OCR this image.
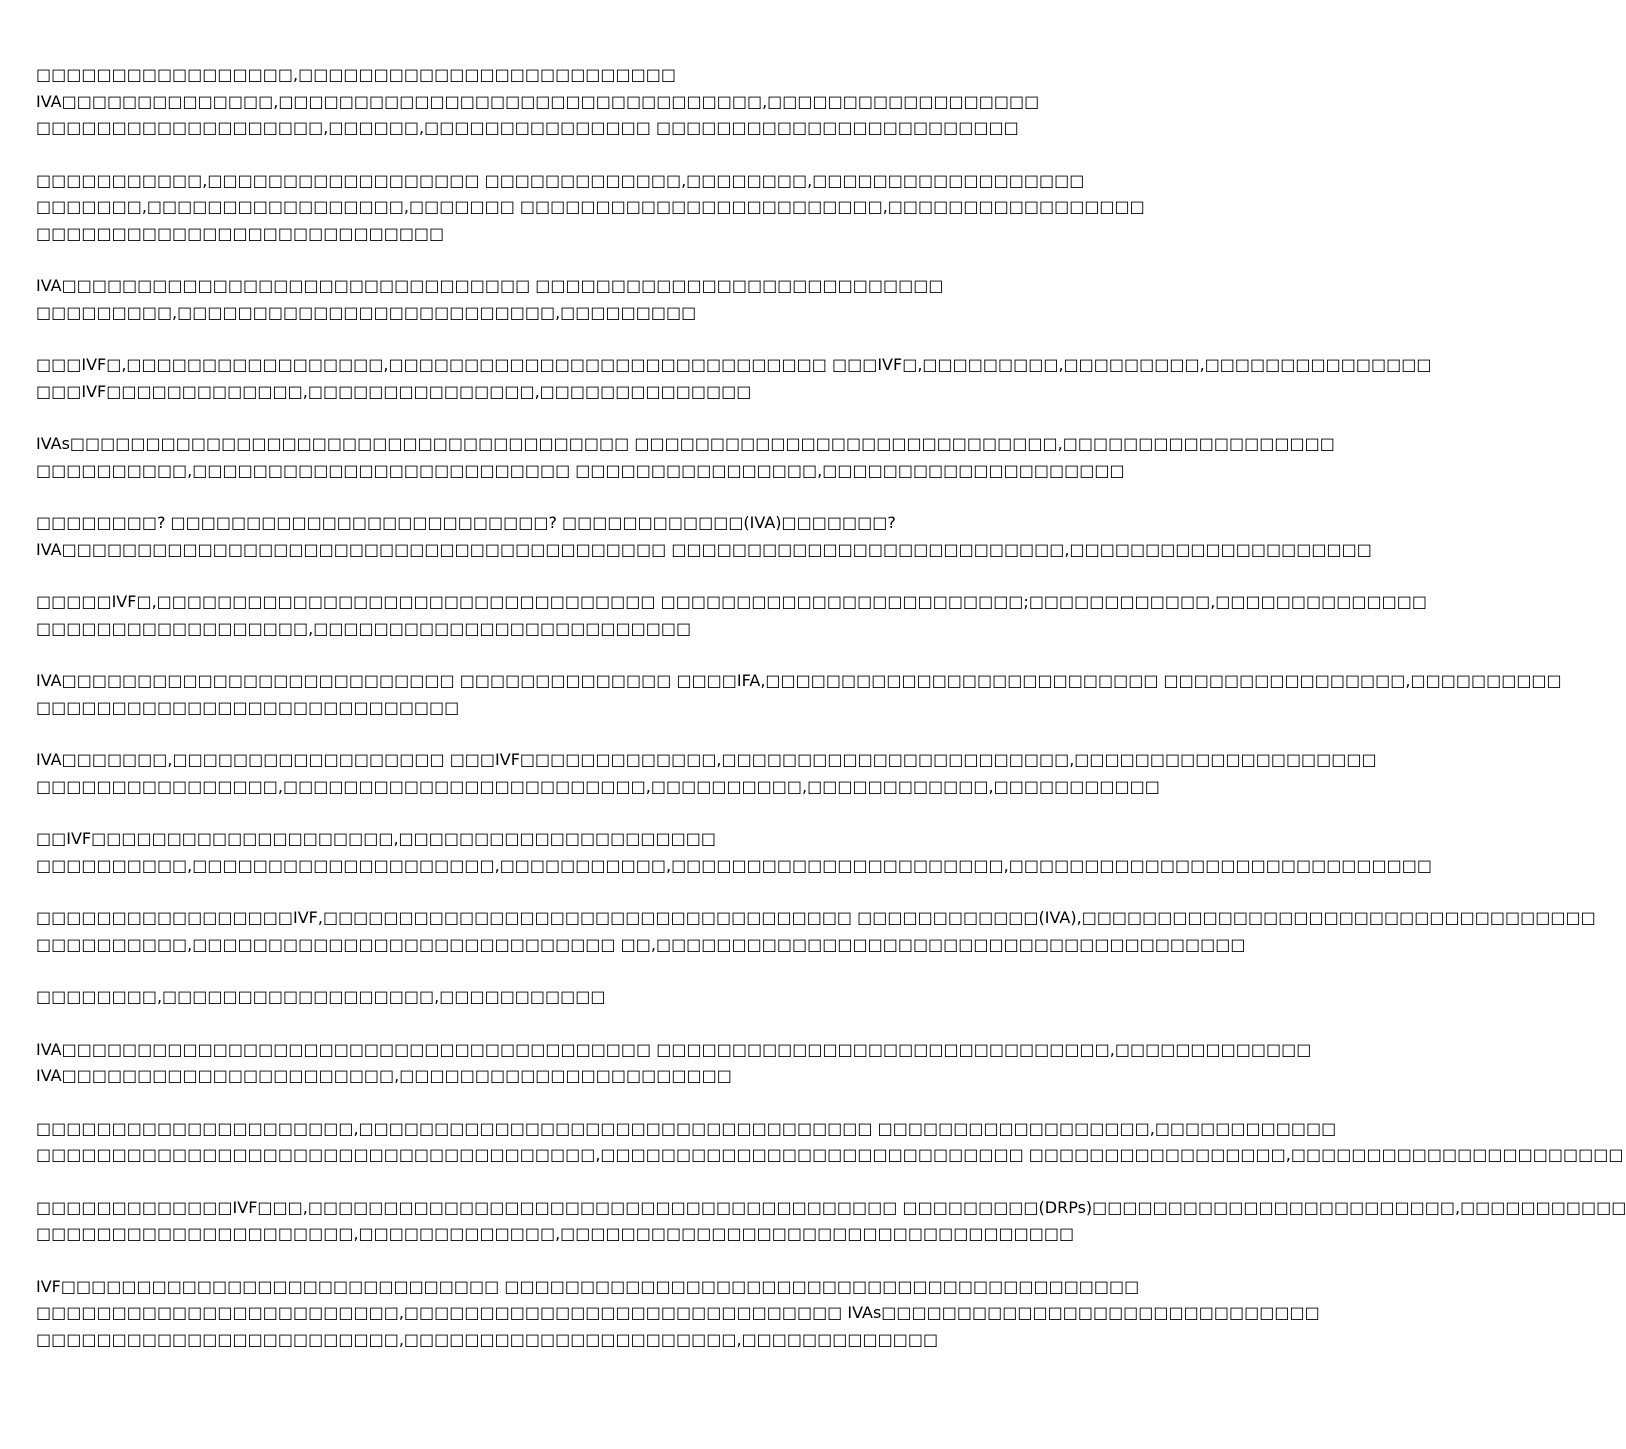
□□□□□□□□□□□□□□□□□,□□□□□□□□□□□□□□□□□□□□□□□□□
IVA□□□□□□□□□□□□□□,□□□□□□□□□□□□□□□□□□□□□□□□□□□□□□□□,□□□□□□□□□□□□□□□□□□
□□□□□□□□□□□□□□□□□□□,□□□□□□,□□□□□□□□□□□□□□□ □□□□□□□□□□□□□□□□□□□□□□□□
□□□□□□□□□□□,□□□□□□□□□□□□□□□□□□ □□□□□□□□□□□□□,□□□□□□□□,□□□□□□□□□□□□□□□□□□
□□□□□□□,□□□□□□□□□□□□□□□□□,□□□□□□□ □□□□□□□□□□□□□□□□□□□□□□□□,□□□□□□□□□□□□□□□□□
□□□□□□□□□□□□□□□□□□□□□□□□□□□
IVA□□□□□□□□□□□□□□□□□□□□□□□□□□□□□□□ □□□□□□□□□□□□□□□□□□□□□□□□□□□
□□□□□□□□□,□□□□□□□□□□□□□□□□□□□□□□□□□,□□□□□□□□□
□□□IVF□,□□□□□□□□□□□□□□□□□,□□□□□□□□□□□□□□□□□□□□□□□□□□□□□ □□□IVF□,□□□□□□□□□,□□□□□□□□□,□□□□□□□□□□□□□□□
□□□IVF□□□□□□□□□□□□□,□□□□□□□□□□□□□□□,□□□□□□□□□□□□□□
IVAs□□□□□□□□□□□□□□□□□□□□□□□□□□□□□□□□□□□□□ □□□□□□□□□□□□□□□□□□□□□□□□□□□□,□□□□□□□□□□□□□□□□□□
□□□□□□□□□□,□□□□□□□□□□□□□□□□□□□□□□□□□ □□□□□□□□□□□□□□□□,□□□□□□□□□□□□□□□□□□□□
□□□□□□□□? □□□□□□□□□□□□□□□□□□□□□□□□□? □□□□□□□□□□□□(IVA)□□□□□□□?
IVA□□□□□□□□□□□□□□□□□□□□□□□□□□□□□□□□□□□□□□□□ □□□□□□□□□□□□□□□□□□□□□□□□□□,□□□□□□□□□□□□□□□□□□□□
□□□□□IVF□,□□□□□□□□□□□□□□□□□□□□□□□□□□□□□□□□□ □□□□□□□□□□□□□□□□□□□□□□□□;□□□□□□□□□□□□,□□□□□□□□□□□□□□
□□□□□□□□□□□□□□□□□□,□□□□□□□□□□□□□□□□□□□□□□□□□
IVA□□□□□□□□□□□□□□□□□□□□□□□□□□ □□□□□□□□□□□□□□ □□□□IFA,□□□□□□□□□□□□□□□□□□□□□□□□□□ □□□□□□□□□□□□□□□□,□□□□□□□□□□
□□□□□□□□□□□□□□□□□□□□□□□□□□□□
IVA□□□□□□□,□□□□□□□□□□□□□□□□□□ □□□IVF□□□□□□□□□□□□□,□□□□□□□□□□□□□□□□□□□□□□□,□□□□□□□□□□□□□□□□□□□□
□□□□□□□□□□□□□□□□,□□□□□□□□□□□□□□□□□□□□□□□□,□□□□□□□□□□,□□□□□□□□□□□□,□□□□□□□□□□□
□□IVF□□□□□□□□□□□□□□□□□□□□,□□□□□□□□□□□□□□□□□□□□□
□□□□□□□□□□,□□□□□□□□□□□□□□□□□□□□,□□□□□□□□□□□,□□□□□□□□□□□□□□□□□□□□□□,□□□□□□□□□□□□□□□□□□□□□□□□□□□□
□□□□□□□□□□□□□□□□□IVF,□□□□□□□□□□□□□□□□□□□□□□□□□□□□□□□□□□□ □□□□□□□□□□□□(IVA),□□□□□□□□□□□□□□□□□□□□□□□□□□□□□□□□□□
□□□□□□□□□□,□□□□□□□□□□□□□□□□□□□□□□□□□□□□ □□,□□□□□□□□□□□□□□□□□□□□□□□□□□□□□□□□□□□□□□□
□□□□□□□□,□□□□□□□□□□□□□□□□□□,□□□□□□□□□□□
IVA□□□□□□□□□□□□□□□□□□□□□□□□□□□□□□□□□□□□□□□ □□□□□□□□□□□□□□□□□□□□□□□□□□□□□□,□□□□□□□□□□□□□
IVA□□□□□□□□□□□□□□□□□□□□□□,□□□□□□□□□□□□□□□□□□□□□□
□□□□□□□□□□□□□□□□□□□□□,□□□□□□□□□□□□□□□□□□□□□□□□□□□□□□□□□□ □□□□□□□□□□□□□□□□□□,□□□□□□□□□□□□
□□□□□□□□□□□□□□□□□□□□□□□□□□□□□□□□□□□□□,□□□□□□□□□□□□□□□□□□□□□□□□□□□□ □□□□□□□□□□□□□□□□□,□□□□□□□□□□□□□□□□□□□□□□
□□□□□□□□□□□□□IVF□□□,□□□□□□□□□□□□□□□□□□□□□□□□□□□□□□□□□□□□□□□ □□□□□□□□□(DRPs)□□□□□□□□□□□□□□□□□□□□□□□□,□□□□□□□□□□□
□□□□□□□□□□□□□□□□□□□□□,□□□□□□□□□□□□□,□□□□□□□□□□□□□□□□□□□□□□□□□□□□□□□□□□
IVF□□□□□□□□□□□□□□□□□□□□□□□□□□□□□ □□□□□□□□□□□□□□□□□□□□□□□□□□□□□□□□□□□□□□□□□□
□□□□□□□□□□□□□□□□□□□□□□□□,□□□□□□□□□□□□□□□□□□□□□□□□□□□□□ IVAs□□□□□□□□□□□□□□□□□□□□□□□□□□□□□
□□□□□□□□□□□□□□□□□□□□□□□□,□□□□□□□□□□□□□□□□□□□□□□,□□□□□□□□□□□□□
